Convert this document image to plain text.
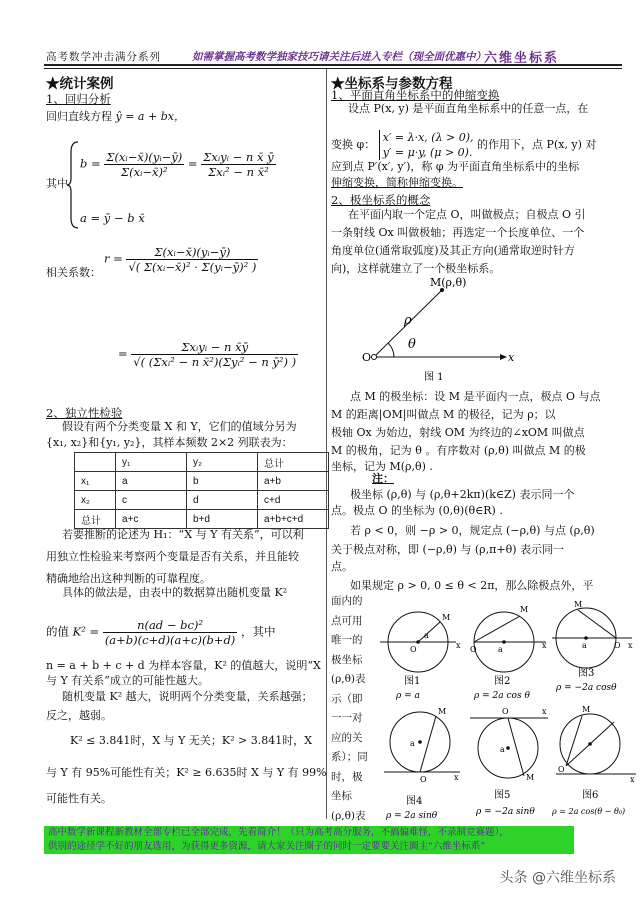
高考数学冲击满分系列	如需掌握高考数学独家技巧请关注后进入专栏（现全面优惠中）
六维坐标系
★统计案例
1、回归分析
回归直线方程 ŷ = a + bx，
其中
$b = \frac{\text{Σ(xᵢ−x̄)(yᵢ−ȳ)}}{\text{Σ(xᵢ−x̄)²}} = \frac{\text{Σxᵢyᵢ − n x̄ ȳ}}{\text{Σxᵢ² − n x̄²}}$
a = ȳ − b x̄
相关系数：
$r = \frac{\text{Σ(xᵢ−x̄)(yᵢ−ȳ)}}{\text{√( Σ(xᵢ−x̄)² · Σ(yᵢ−ȳ)² )}}$
= $\frac{\text{Σxᵢyᵢ − n x̄ȳ}}{\text{√( (Σxᵢ² − n x̄²)(Σyᵢ² − n ȳ²) )}}$
2、独立性检验
假设有两个分类变量 X 和 Y，它们的值域分另为
{x₁, x₂}和{y₁, y₂}，其样本频数 2×2 列联表为：
	y₁	y₂	总计
x₁	a	b	a+b
x₂	c	d	c+d
总计	a+c	b+d	a+b+c+d
若要推断的论述为 H₁：“X 与 Y 有关系”，可以利
用独立性检验来考察两个变量是否有关系，并且能较
精确地给出这种判断的可靠程度。
具体的做法是，由表中的数据算出随机变量 K²
的值 $K^2 = \frac{\text{n(ad − bc)²}}{(a+b)(c+d)(a+c)(b+d)}$ ，其中
n = a + b + c + d 为样本容量，K² 的值越大，说明“X
与 Y 有关系”成立的可能性越大。
随机变量 K² 越大，说明两个分类变量，关系越强；
反之，越弱。
K² ≤ 3.841时，X 与 Y 无关；K² > 3.841时，X
与 Y 有 95%可能性有关；K² ≥ 6.635时 X 与 Y 有 99%
可能性有关。
★坐标系与参数方程
1、平面直角坐标系中的伸缩变换
设点 P(x, y) 是平面直角坐标系中的任意一点，在
变换 φ：
x′ = λ·x, (λ > 0),
y′ = μ·y, (μ > 0).
的作用下，点 P(x, y) 对
应到点 P′(x′, y′)，称 φ 为平面直角坐标系中的坐标
伸缩变换，简称伸缩变换。
2、极坐标系的概念
在平面内取一个定点 O，叫做极点；自极点 O 引
一条射线 Ox 叫做极轴；再选定一个长度单位、一个
角度单位(通常取弧度)及其正方向(通常取逆时针方
向)，这样就建立了一个极坐标系。
M(ρ,θ)
ρ
θ
O	x
图 1
点 M 的极坐标：设 M 是平面内一点，极点 O 与点
M 的距离|OM|叫做点 M 的极径，记为 ρ；以
极轴 Ox 为始边，射线 OM 为终边的∠xOM 叫做点
M 的极角，记为 θ 。有序数对 (ρ,θ) 叫做点 M 的极
坐标，记为 M(ρ,θ) .
注：
极坐标 (ρ,θ) 与 (ρ,θ+2kπ)(k∈Z) 表示同一个
点。极点 O 的坐标为 (0,θ)(θ∈R) .
若 ρ < 0，则 −ρ > 0，规定点 (−ρ,θ) 与点 (ρ,θ)
关于极点对称，即 (−ρ,θ) 与 (ρ,π+θ) 表示同一
点。
如果规定 ρ > 0, 0 ≤ θ < 2π，那么除极点外，平
面内的
点可用
唯一的
极坐标
(ρ,θ)表
示（即
一一对
应的关
系）；同
时，极
坐标
(ρ,θ)表
M
a
O	x
图1
ρ = a
M
a
O	x
图2
ρ = 2a cos θ
M
a	O x
图3
ρ = −2a cosθ
M
a
O	x
图4
ρ = 2a sinθ
M
a
O	x
图5
ρ = −2a sinθ
M
O
x
图6
ρ = 2a cos(θ − θ₀)
高中数学新课程新教材全部专栏已全部完成，先看简介！（只为高考高分服务，不搞偏难怪，不录制竞赛题），
供别的途径学不好的朋友选用，为获得更多资源，请大家关注圈子的同时一定要要关注圈主“六维坐标系”
头条 @六维坐标系
